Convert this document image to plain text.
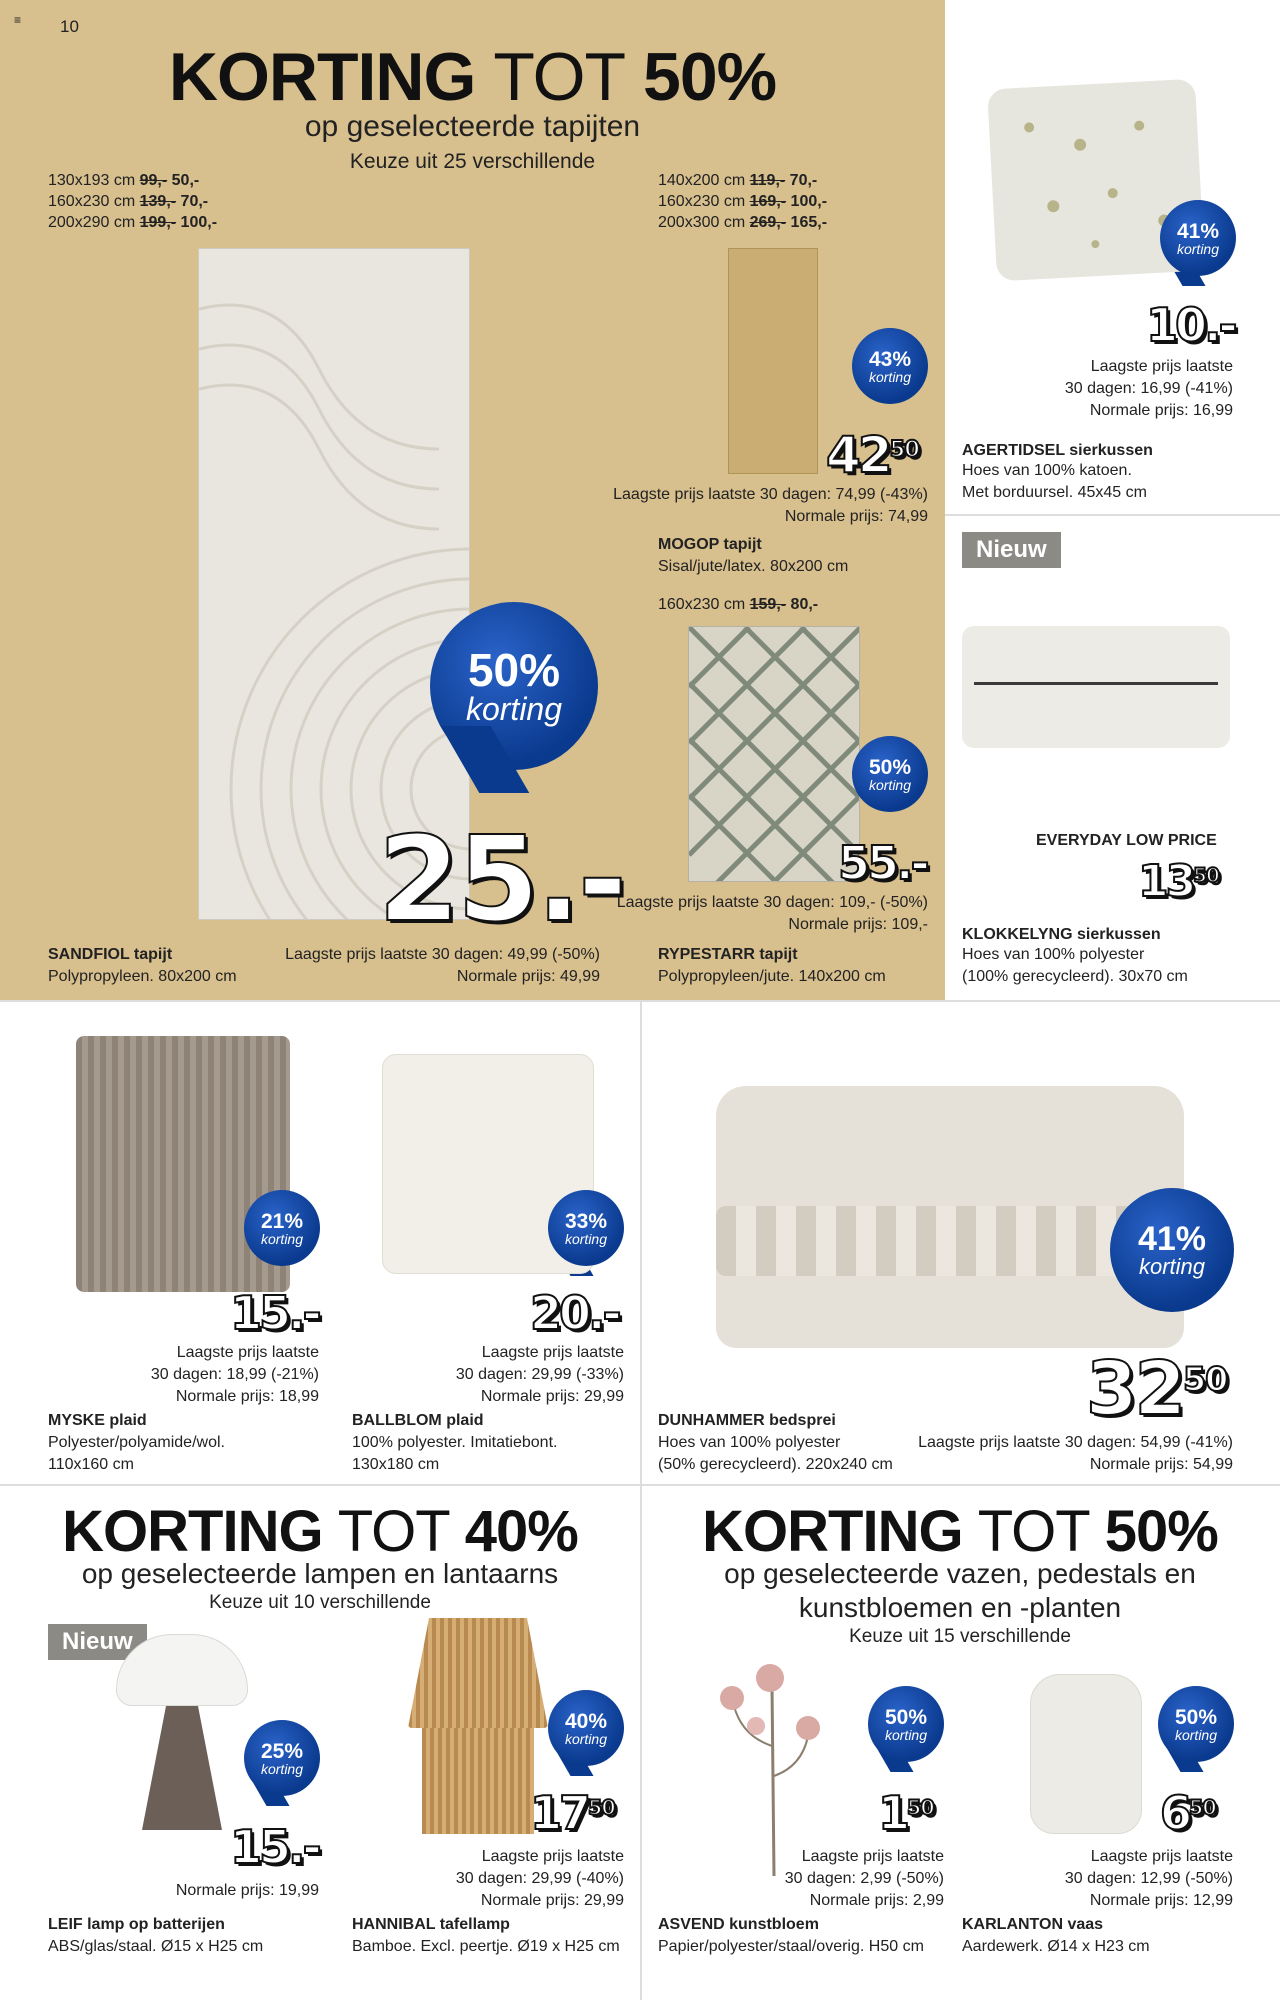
≡ 10
KORTING TOT 50%
op geselecteerde tapijten
Keuze uit 25 verschillende
130x193 cm 99,- 50,-
160x230 cm 139,- 70,-
200x290 cm 199,- 100,-
50%
korting
25.-
Laagste prijs laatste 30 dagen: 49,99 (-50%)
Normale prijs: 49,99
SANDFIOL tapijt
Polypropyleen. 80x200 cm
140x200 cm 119,- 70,-
160x230 cm 169,- 100,-
200x300 cm 269,- 165,-
43%
korting
$42^{50}$
Laagste prijs laatste 30 dagen: 74,99 (-43%)
Normale prijs: 74,99
MOGOP tapijt
Sisal/jute/latex. 80x200 cm
160x230 cm 159,- 80,-
50%
korting
55.-
Laagste prijs laatste 30 dagen: 109,- (-50%)
Normale prijs: 109,-
RYPESTARR tapijt
Polypropyleen/jute. 140x200 cm
41%
korting
10.-
Laagste prijs laatste
30 dagen: 16,99 (-41%)
Normale prijs: 16,99
AGERTIDSEL sierkussen
Hoes van 100% katoen.
Met borduursel. 45x45 cm
Nieuw
EVERYDAY LOW PRICE
$13^{50}$
KLOKKELYNG sierkussen
Hoes van 100% polyester
(100% gerecycleerd). 30x70 cm
21%
korting
15.-
Laagste prijs laatste
30 dagen: 18,99 (-21%)
Normale prijs: 18,99
MYSKE plaid
Polyester/polyamide/wol.
110x160 cm
33%
korting
20.-
Laagste prijs laatste
30 dagen: 29,99 (-33%)
Normale prijs: 29,99
BALLBLOM plaid
100% polyester. Imitatiebont.
130x180 cm
41%
korting
$32^{50}$
Laagste prijs laatste 30 dagen: 54,99 (-41%)
Normale prijs: 54,99
DUNHAMMER bedsprei
Hoes van 100% polyester
(50% gerecycleerd). 220x240 cm
KORTING TOT 40%
op geselecteerde lampen en lantaarns
Keuze uit 10 verschillende
Nieuw
25%
korting
15.-
Normale prijs: 19,99
LEIF lamp op batterijen
ABS/glas/staal. Ø15 x H25 cm
40%
korting
$17^{50}$
Laagste prijs laatste
30 dagen: 29,99 (-40%)
Normale prijs: 29,99
HANNIBAL tafellamp
Bamboe. Excl. peertje. Ø19 x H25 cm
KORTING TOT 50%
op geselecteerde vazen, pedestals en
kunstbloemen en -planten
Keuze uit 15 verschillende
50%
korting
$1^{50}$
Laagste prijs laatste
30 dagen: 2,99 (-50%)
Normale prijs: 2,99
ASVEND kunstbloem
Papier/polyester/staal/overig. H50 cm
50%
korting
$6^{50}$
Laagste prijs laatste
30 dagen: 12,99 (-50%)
Normale prijs: 12,99
KARLANTON vaas
Aardewerk. Ø14 x H23 cm
